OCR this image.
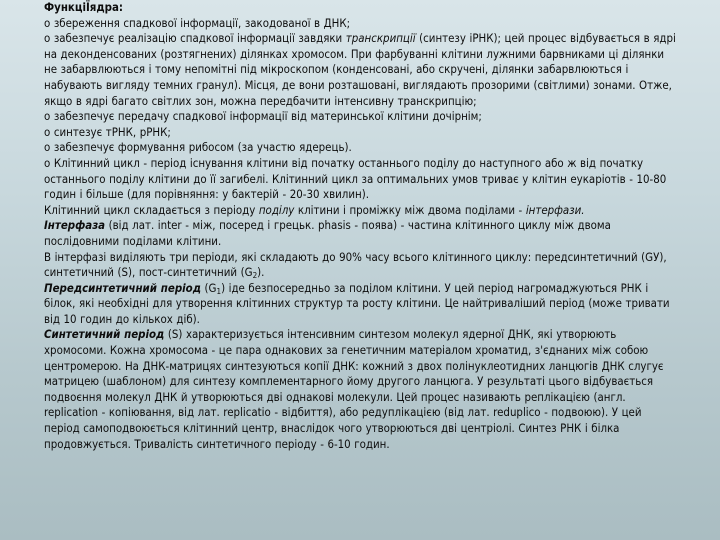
ФункціЇядра:

о збереження спадкової інформації, закодованої в ДНК;

о забезпечує реалізацію спадкової інформації завдяки транскрипції (синтезу іРНК); цей процес відбувається в ядрі на деконденсованих (розтягнених) ділянках хромосом. При фарбуванні клітини лужними барвниками ці ділянки не забарвлюються і тому непомітні під мікроскопом (конденсовані, або скручені, ділянки забарвлюються і набувають вигляду темних гранул). Місця, де вони розташовані, виглядають прозорими (світлими) зонами. Отже, якщо в ядрі багато світлих зон, можна передбачити інтенсивну транскрипцію;

о забезпечує передачу спадкової інформації від материнської клітини дочірнім;

о синтезує тРНК, рРНК;

о забезпечує формування рибосом (за участю ядерець).

о Клітинний цикл - період існування клітини від початку останнього поділу до наступного або ж від початку останнього поділу клітини до її загибелі. Клітинний цикл за оптимальних умов триває у клітин еукаріотів - 10-80 годин і більше (для порівняння: у бактерій - 20-30 хвилин).

Клітинний цикл складається з періоду поділу клітини і проміжку між двома поділами - інтерфази.

Інтерфаза (від лат. inter - між, посеред і грецьк. phasis - поява) - частина клітинного циклу між двома послідовними поділами клітини.

В інтерфазі виділяють три періоди, які складають до 90% часу всього клітинного циклу: передсинтетичний (GУ), синтетичний (S), пост-синтетичний $(G_2)$.

Передсинтетичний період $(G_1)$ іде безпосередньо за поділом клітини. У цей період нагромаджуються РНК і білок, які необхідні для утворення клітинних структур та росту клітини. Це найтриваліший період (може тривати від 10 годин до кількох діб).

Синтетичний період (S) характеризується інтенсивним синтезом молекул ядерної ДНК, які утворюють хромосоми. Кожна хромосома - це пара однакових за генетичним матеріалом хроматид, з'єднаних між собою центромерою. На ДНК-матрицях синтезуються копії ДНК: кожний з двох полінуклеотидних ланцюгів ДНК слугує матрицею (шаблоном) для синтезу комплементарного йому другого ланцюга. У результаті цього відбувається подвоєння молекул ДНК й утворюються дві однакові молекули. Цей процес називають реплікацією (англ. replication - копіювання, від лат. replicatio - відбиття), або редуплікацією (від лат. reduplico - подвоюю). У цей період самоподвоюється клітинний центр, внаслідок чого утворюються дві центріолі. Синтез РНК і білка продовжується. Тривалість синтетичного періоду - 6-10 годин.
